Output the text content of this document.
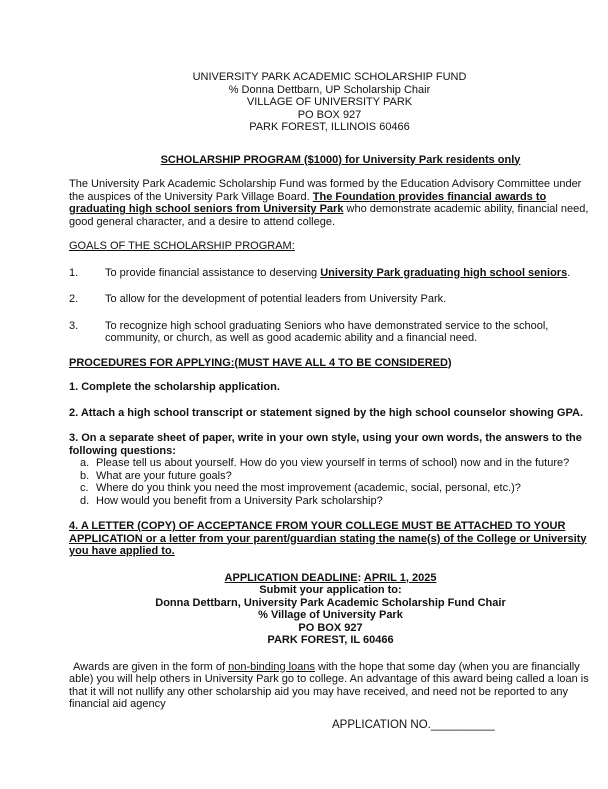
UNIVERSITY PARK ACADEMIC SCHOLARSHIP FUND
% Donna Dettbarn, UP Scholarship Chair
VILLAGE OF UNIVERSITY PARK
PO BOX 927
PARK FOREST, ILLINOIS 60466
SCHOLARSHIP PROGRAM ($1000) for University Park residents only
The University Park Academic Scholarship Fund was formed by the Education Advisory Committee under the auspices of the University Park Village Board. The Foundation provides financial awards to graduating high school seniors from University Park who demonstrate academic ability, financial need, good general character, and a desire to attend college.
GOALS OF THE SCHOLARSHIP PROGRAM:
1.	To provide financial assistance to deserving University Park graduating high school seniors.
2.	To allow for the development of potential leaders from University Park.
3.	To recognize high school graduating Seniors who have demonstrated service to the school, community, or church, as well as good academic ability and a financial need.
PROCEDURES FOR APPLYING:(MUST HAVE ALL 4 TO BE CONSIDERED)
1. Complete the scholarship application.
2. Attach a high school transcript or statement signed by the high school counselor showing GPA.
3. On a separate sheet of paper, write in your own style, using your own words, the answers to the following questions:
a. Please tell us about yourself. How do you view yourself in terms of school) now and in the future?
b. What are your future goals?
c. Where do you think you need the most improvement (academic, social, personal, etc.)?
d. How would you benefit from a University Park scholarship?
4. A LETTER (COPY) OF ACCEPTANCE FROM YOUR COLLEGE MUST BE ATTACHED TO YOUR APPLICATION or a letter from your parent/guardian stating the name(s) of the College or University you have applied to.
APPLICATION DEADLINE: APRIL 1, 2025
Submit your application to:
Donna Dettbarn, University Park Academic Scholarship Fund Chair
% Village of University Park
PO BOX 927
PARK FOREST, IL 60466
Awards are given in the form of non-binding loans with the hope that some day (when you are financially able) you will help others in University Park go to college. An advantage of this award being called a loan is that it will not nullify any other scholarship aid you may have received, and need not be reported to any financial aid agency
APPLICATION NO.__________
